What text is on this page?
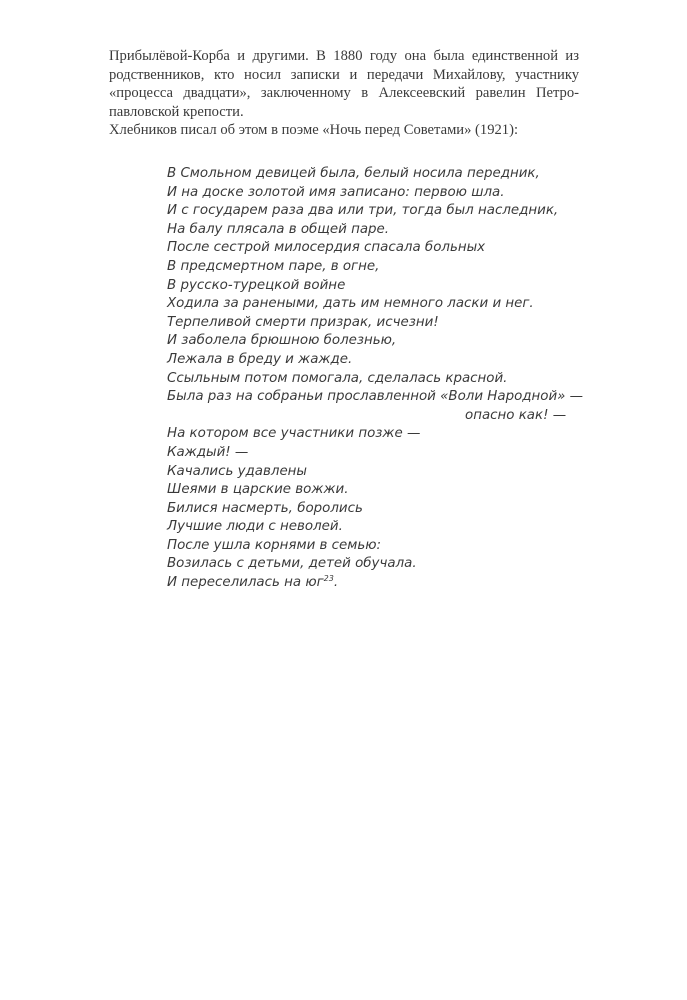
Прибылёвой-Корба и другими. В 1880 году она была единственной из родственников, кто носил записки и передачи Михайлову, участнику «процесса двадцати», заключенному в Алексеевский равелин Петро-павловской крепости.

Хлебников писал об этом в поэме «Ночь перед Советами» (1921):

В Смольном девицей была, белый носила передник,
И на доске золотой имя записано: первою шла.
И с государем раза два или три, тогда был наследник,
На балу плясала в общей паре.
После сестрой милосердия спасала больных
В предсмертном паре, в огне,
В русско-турецкой войне
Ходила за ранеными, дать им немного ласки и нег.
Терпеливой смерти призрак, исчезни!
И заболела брюшною болезнью,
Лежала в бреду и жажде.
Ссыльным потом помогала, сделалась красной.
Была раз на собраньи прославленной «Воли Народной» —
опасно как! —
На котором все участники позже —
Каждый! —
Качались удавлены
Шеями в царские вожжи.
Билися насмерть, боролись
Лучшие люди с неволей.
После ушла корнями в семью:
Возилась с детьми, детей обучала.
И переселилась на $юг^{23}$.
